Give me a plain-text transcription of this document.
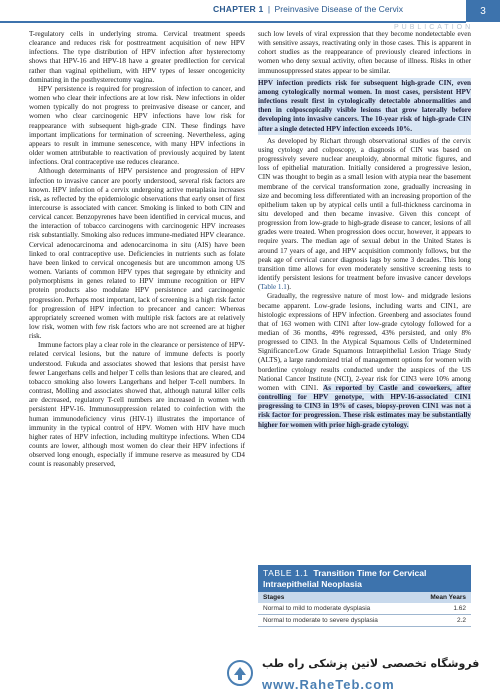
CHAPTER 1 | Preinvasive Disease of the Cervix	3
PUBLICATION

T-regulatory cells in underlying stroma. Cervical treatment speeds clearance and reduces risk for posttreatment acquisition of new HPV infections. The type distribution of HPV infection after hysterectomy shows that HPV-16 and HPV-18 have a greater predilection for cervical rather than vaginal epithelium, with HPV types of lesser oncogenicity dominating in the posthysterectomy vagina.

HPV persistence is required for progression of infection to cancer, and women who clear their infections are at low risk. New infections in older women typically do not progress to preinvasive disease or cancer, and women who clear carcinogenic HPV infections have low risk for reappearance with subsequent high-grade CIN. These findings have important implications for termination of screening. Nevertheless, aging appears to result in immune senescence, with many HPV infections in older women attributable to reactivation of previously acquired by latent infections. Oral contraceptive use reduces clearance.

Although determinants of HPV persistence and progression of HPV infection to invasive cancer are poorly understood, several risk factors are known. HPV infection of a cervix undergoing active metaplasia increases risk, as reflected by the epidemiologic observations that early onset of first intercourse is associated with cancer. Smoking is linked to both CIN and cervical cancer. Benzopyrenes have been identified in cervical mucus, and the interaction of tobacco carcinogens with carcinogenic HPV increases risk substantially. Smoking also reduces immune-mediated HPV clearance. Cervical adenocarcinoma and adenocarcinoma in situ (AIS) have been linked to oral contraceptive use. Deficiencies in nutrients such as folate have been linked to cervical oncogenesis but are uncommon among US women. Variants of common HPV types that segregate by ethnicity and polymorphisms in genes related to HPV immune recognition or HPV protein products also modulate HPV persistence and carcinogenic progression. Perhaps most important, lack of screening is a high risk factor for progression of HPV infection to precancer and cancer: Whereas appropriately screened women with multiple risk factors are at relatively low risk, women with few risk factors who are not screened are at higher risk.

Immune factors play a clear role in the clearance or persistence of HPV-related cervical lesions, but the nature of immune defects is poorly understood. Fukuda and associates showed that lesions that persist have fewer Langerhans cells and helper T cells than lesions that are cleared, and tobacco smoking also lowers Langerhans and helper T-cell numbers. In contrast, Molling and associates showed that, although natural killer cells are decreased, regulatory T-cell numbers are increased in women with persistent HPV-16. Immunosuppression related to coinfection with the human immunodeficiency virus (HIV-1) illustrates the importance of immunity in the typical control of HPV. Women with HIV have much higher rates of HPV infection, including multitype infections. When CD4 counts are lower, although most women do clear their HPV infections if observed long enough, especially if immune reserve as measured by CD4 count is reasonably preserved,

such low levels of viral expression that they become nondetectable even with sensitive assays, reactivating only in those cases. This is apparent in cohort studies as the reappearance of previously cleared infections in women who deny sexual activity, often because of illness. Risks in other immunosuppressed states appear to be similar.

HPV infection predicts risk for subsequent high-grade CIN, even among cytologically normal women. In most cases, persistent HPV infections result first in cytologically detectable abnormalities and then in colposcopically visible lesions that grow laterally before developing into invasive cancers. The 10-year risk of high-grade CIN after a single detected HPV infection exceeds 10%.

As developed by Richart through observational studies of the cervix using cytology and colposcopy, a diagnosis of CIN was based on progressively severe nuclear aneuploidy, abnormal mitotic figures, and loss of epithelial maturation. Initially considered a progressive lesion, CIN was thought to begin as a small lesion with atypia near the basement membrane of the cervical transformation zone, gradually increasing in size and becoming less differentiated with an increasing proportion of the epithelium taken up by atypical cells until a full-thickness carcinoma in situ developed and then became invasive. Given this concept of progression from low-grade to high-grade disease to cancer, lesions of all grades were treated. When progression does occur, however, it appears to require years. The median age of sexual debut in the United States is around 17 years of age, and HPV acquisition commonly follows, but the peak age of cervical cancer diagnosis lags by some 3 decades. This long transition time allows for even moderately sensitive screening tests to identify persistent lesions for treatment before invasive cancer develops (Table 1.1).

Gradually, the regressive nature of most low- and midgrade lesions became apparent. Low-grade lesions, including warts and CIN1, are histologic expressions of HPV infection. Greenberg and associates found that of 163 women with CIN1 after low-grade cytology followed for a median of 36 months, 49% regressed, 43% persisted, and only 8% progressed to CIN3. In the Atypical Squamous Cells of Undetermined Significance/Low Grade Squamous Intraepithelial Lesion Triage Study (ALTS), a large randomized trial of management options for women with borderline cytology results conducted under the auspices of the US National Cancer Institute (NCI), 2-year risk for CIN3 were 10% among women with CIN1. As reported by Castle and coworkers, after controlling for HPV genotype, with HPV-16-associated CIN1 progressing to CIN3 in 19% of cases, biopsy-proven CIN1 was not a risk factor for progression. These risk estimates may be substantially higher for women with prior high-grade cytology.

TABLE 1.1 Transition Time for Cervical Intraepithelial Neoplasia
Stages	Mean Years
Normal to mild to moderate dysplasia	1.62
Normal to moderate to severe dysplasia	2.2
فروشگاه تخصصی لاتین پزشکی راه طب
www.RaheTeb.com
